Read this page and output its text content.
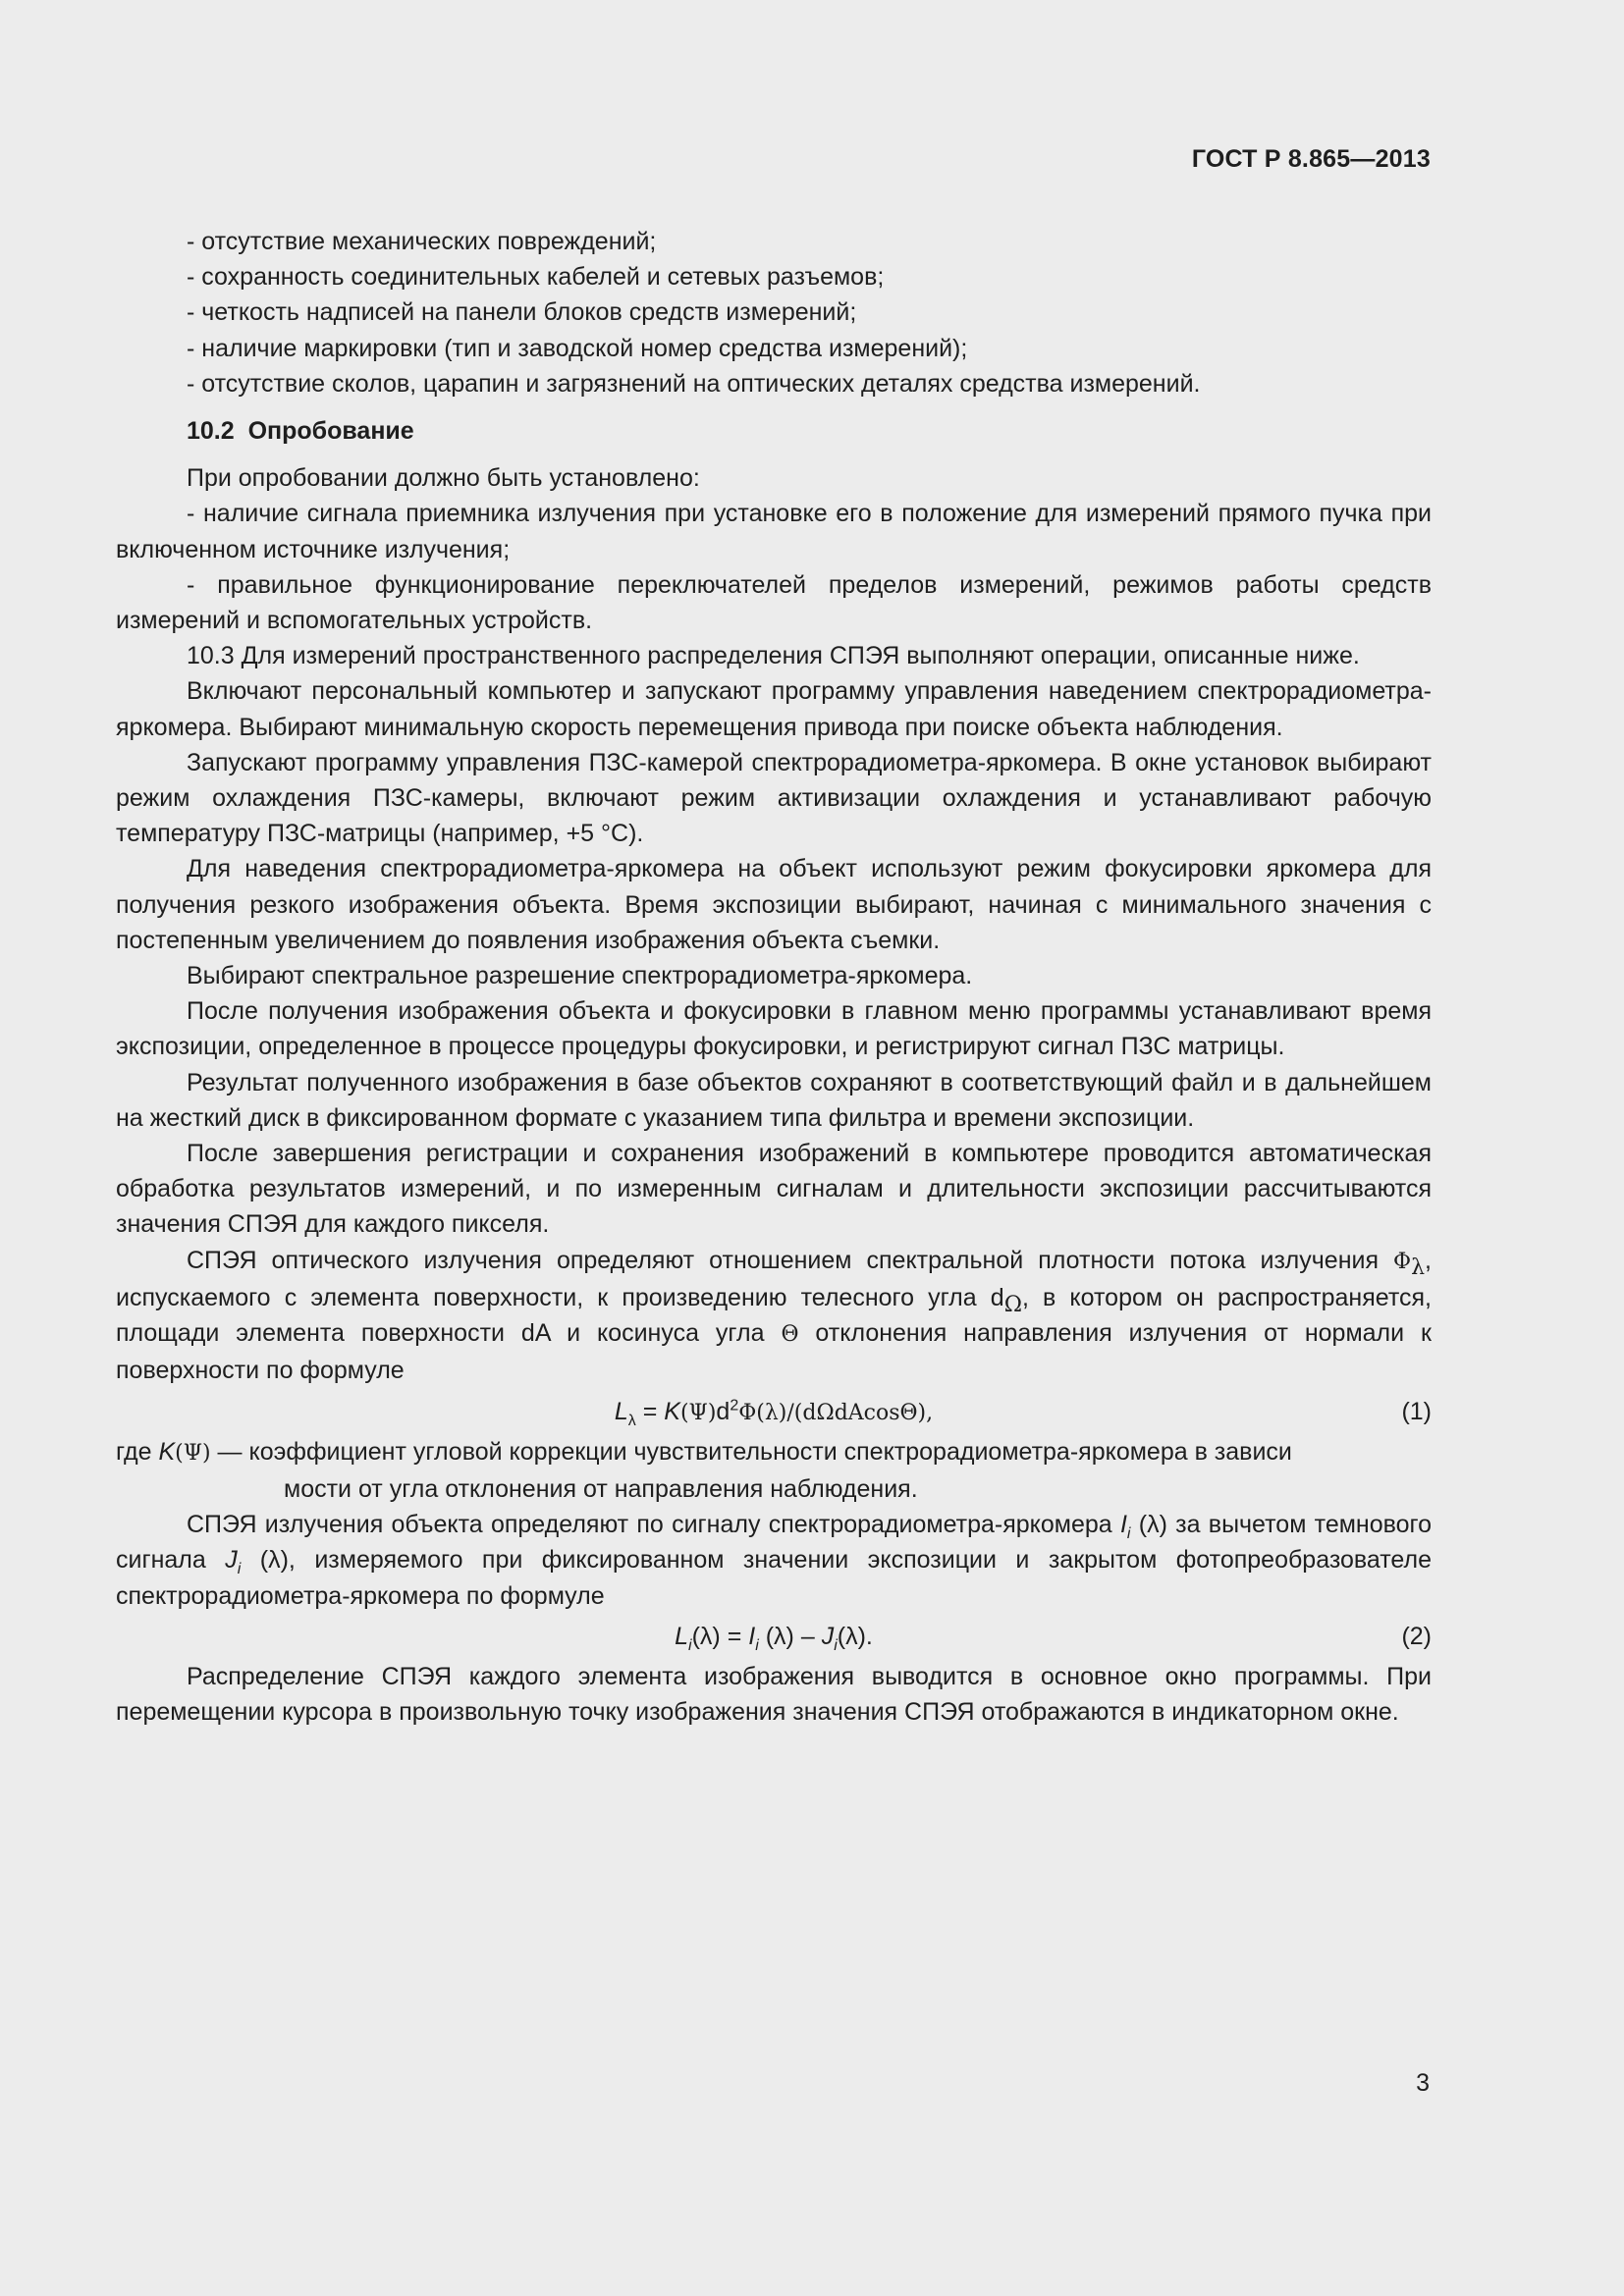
ГОСТ Р 8.865—2013

- отсутствие механических повреждений;

- сохранность соединительных кабелей и сетевых разъемов;

- четкость надписей на панели блоков средств измерений;

- наличие маркировки (тип и заводской номер средства измерений);

- отсутствие сколов, царапин и загрязнений на оптических деталях средства измерений.

10.2 Опробование

При опробовании должно быть установлено:

- наличие сигнала приемника излучения при установке его в положение для измерений прямого пучка при включенном источнике излучения;

- правильное функционирование переключателей пределов измерений, режимов работы средств измерений и вспомогательных устройств.

10.3 Для измерений пространственного распределения СПЭЯ выполняют операции, описанные ниже.

Включают персональный компьютер и запускают программу управления наведением спектрорадиометра-яркомера. Выбирают минимальную скорость перемещения привода при поиске объекта наблюдения.

Запускают программу управления ПЗС-камерой спектрорадиометра-яркомера. В окне установок выбирают режим охлаждения ПЗС-камеры, включают режим активизации охлаждения и устанавливают рабочую температуру ПЗС-матрицы (например, +5 °С).

Для наведения спектрорадиометра-яркомера на объект используют режим фокусировки яркомера для получения резкого изображения объекта. Время экспозиции выбирают, начиная с минимального значения с постепенным увеличением до появления изображения объекта съемки.

Выбирают спектральное разрешение спектрорадиометра-яркомера.

После получения изображения объекта и фокусировки в главном меню программы устанавливают время экспозиции, определенное в процессе процедуры фокусировки, и регистрируют сигнал ПЗС матрицы.

Результат полученного изображения в базе объектов сохраняют в соответствующий файл и в дальнейшем на жесткий диск в фиксированном формате с указанием типа фильтра и времени экспозиции.

После завершения регистрации и сохранения изображений в компьютере проводится автоматическая обработка результатов измерений, и по измеренным сигналам и длительности экспозиции рассчитываются значения СПЭЯ для каждого пикселя.

СПЭЯ оптического излучения определяют отношением спектральной плотности потока излучения $\Phi_\lambda$, испускаемого с элемента поверхности, к произведению телесного угла $d_\Omega$, в котором он распространяется, площади элемента поверхности dA и косинуса угла Θ отклонения направления излучения от нормали к поверхности по формуле

$L_\lambda = K(\Psi)d^2\Phi(\lambda)/(d\Omega dAcos\Theta)$,	(1)

где K(Ψ) — коэффициент угловой коррекции чувствительности спектрорадиометра-яркомера в зависи

мости от угла отклонения от направления наблюдения.

СПЭЯ излучения объекта определяют по сигналу спектрорадиометра-яркомера $I_i$ (λ) за вычетом темнового сигнала $J_i$ (λ), измеряемого при фиксированном значении экспозиции и закрытом фотопреобразователе спектрорадиометра-яркомера по формуле

$L_i(\lambda) = I_i$ $(\lambda) - J_i(\lambda)$.	(2)

Распределение СПЭЯ каждого элемента изображения выводится в основное окно программы. При перемещении курсора в произвольную точку изображения значения СПЭЯ отображаются в индикаторном окне.

3
